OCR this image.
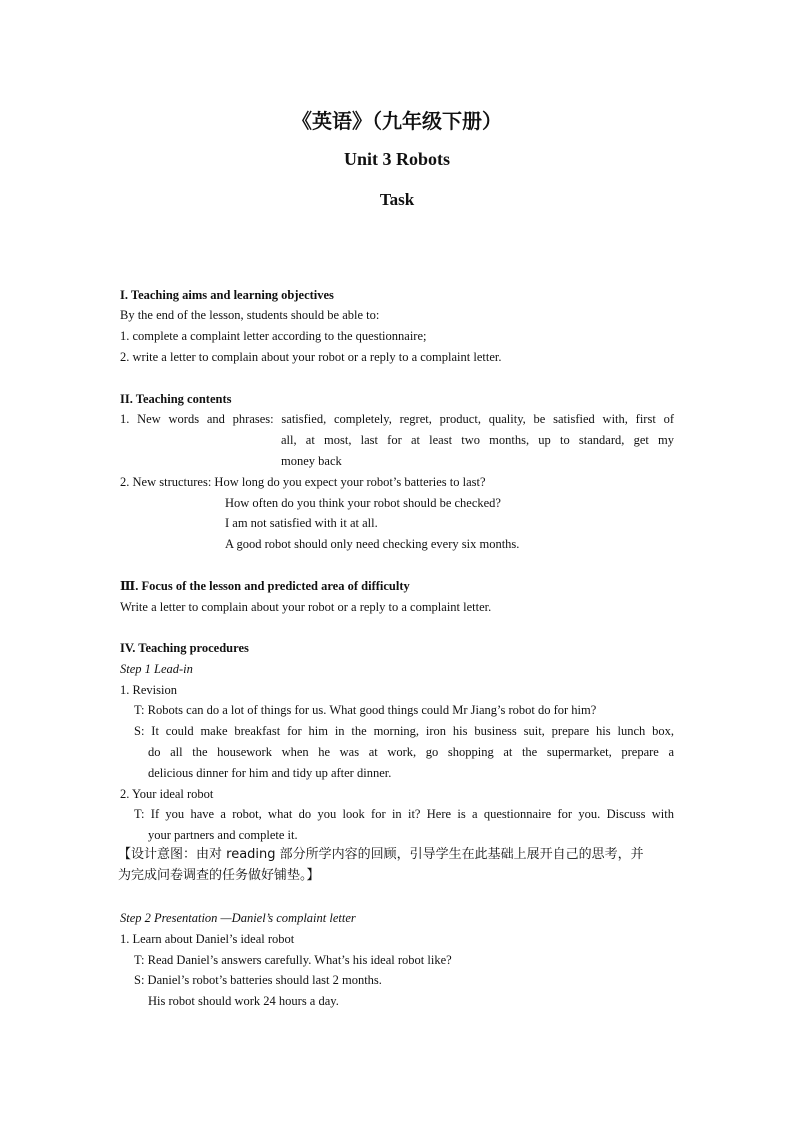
《英语》（九年级下册）
Unit 3 Robots
Task
I. Teaching aims and learning objectives
By the end of the lesson, students should be able to:
1. complete a complaint letter according to the questionnaire;
2. write a letter to complain about your robot or a reply to a complaint letter.
II. Teaching contents
1. New words and phrases: satisfied, completely, regret, product, quality, be satisfied with, first of
all, at most, last for at least two months, up to standard, get my
money back
2. New structures: How long do you expect your robot’s batteries to last?
How often do you think your robot should be checked?
I am not satisfied with it at all.
A good robot should only need checking every six months.
Ⅲ. Focus of the lesson and predicted area of difficulty
Write a letter to complain about your robot or a reply to a complaint letter.
IV. Teaching procedures
Step 1 Lead-in
1. Revision
T: Robots can do a lot of things for us. What good things could Mr Jiang’s robot do for him?
S: It could make breakfast for him in the morning, iron his business suit, prepare his lunch box,
do all the housework when he was at work, go shopping at the supermarket, prepare a
delicious dinner for him and tidy up after dinner.
2. Your ideal robot
T: If you have a robot, what do you look for in it? Here is a questionnaire for you. Discuss with
your partners and complete it.
【设计意图：由对 reading 部分所学内容的回顾，引导学生在此基础上展开自己的思考，并
为完成问卷调查的任务做好铺垫。】
Step 2 Presentation —Daniel’s complaint letter
1. Learn about Daniel’s ideal robot
T: Read Daniel’s answers carefully. What’s his ideal robot like?
S: Daniel’s robot’s batteries should last 2 months.
His robot should work 24 hours a day.
